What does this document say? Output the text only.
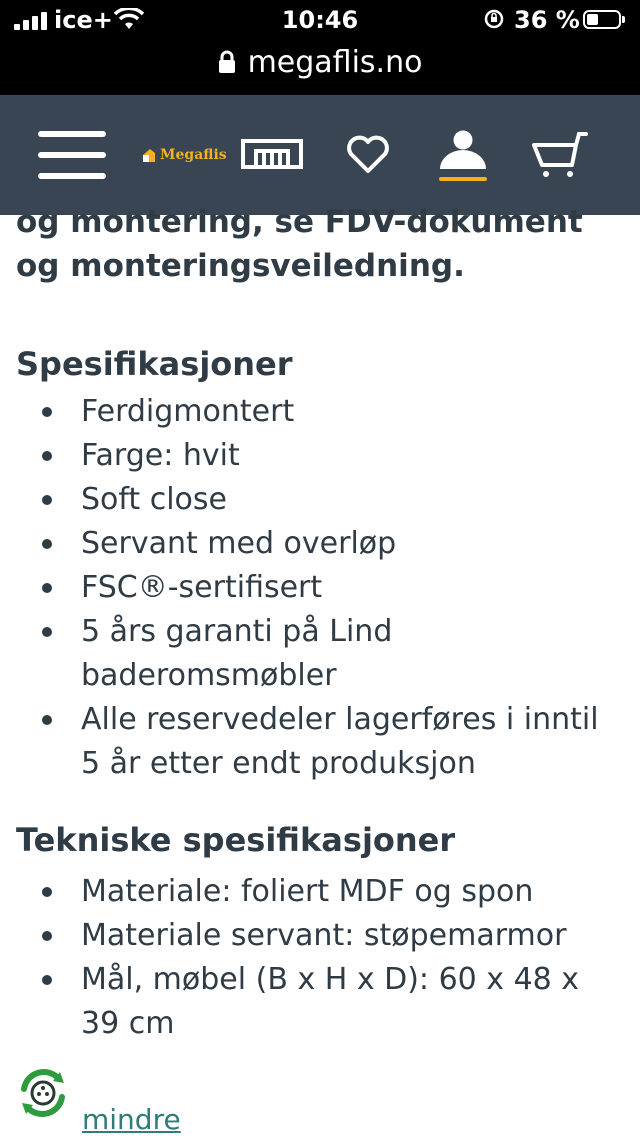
ice+	10:46	36 %
megaflis.no
Megaflis

og montering, se FDV-dokument og monteringsveiledning.

Spesifikasjoner
Ferdigmontert
Farge: hvit
Soft close
Servant med overløp
FSC®-sertifisert
5 års garanti på Lind baderomsmøbler
Alle reservedeler lagerføres i inntil 5 år etter endt produksjon
Tekniske spesifikasjoner
Materiale: foliert MDF og spon
Materiale servant: støpemarmor
Mål, møbel (B x H x D): 60 x 48 x 39 cm
mindre
